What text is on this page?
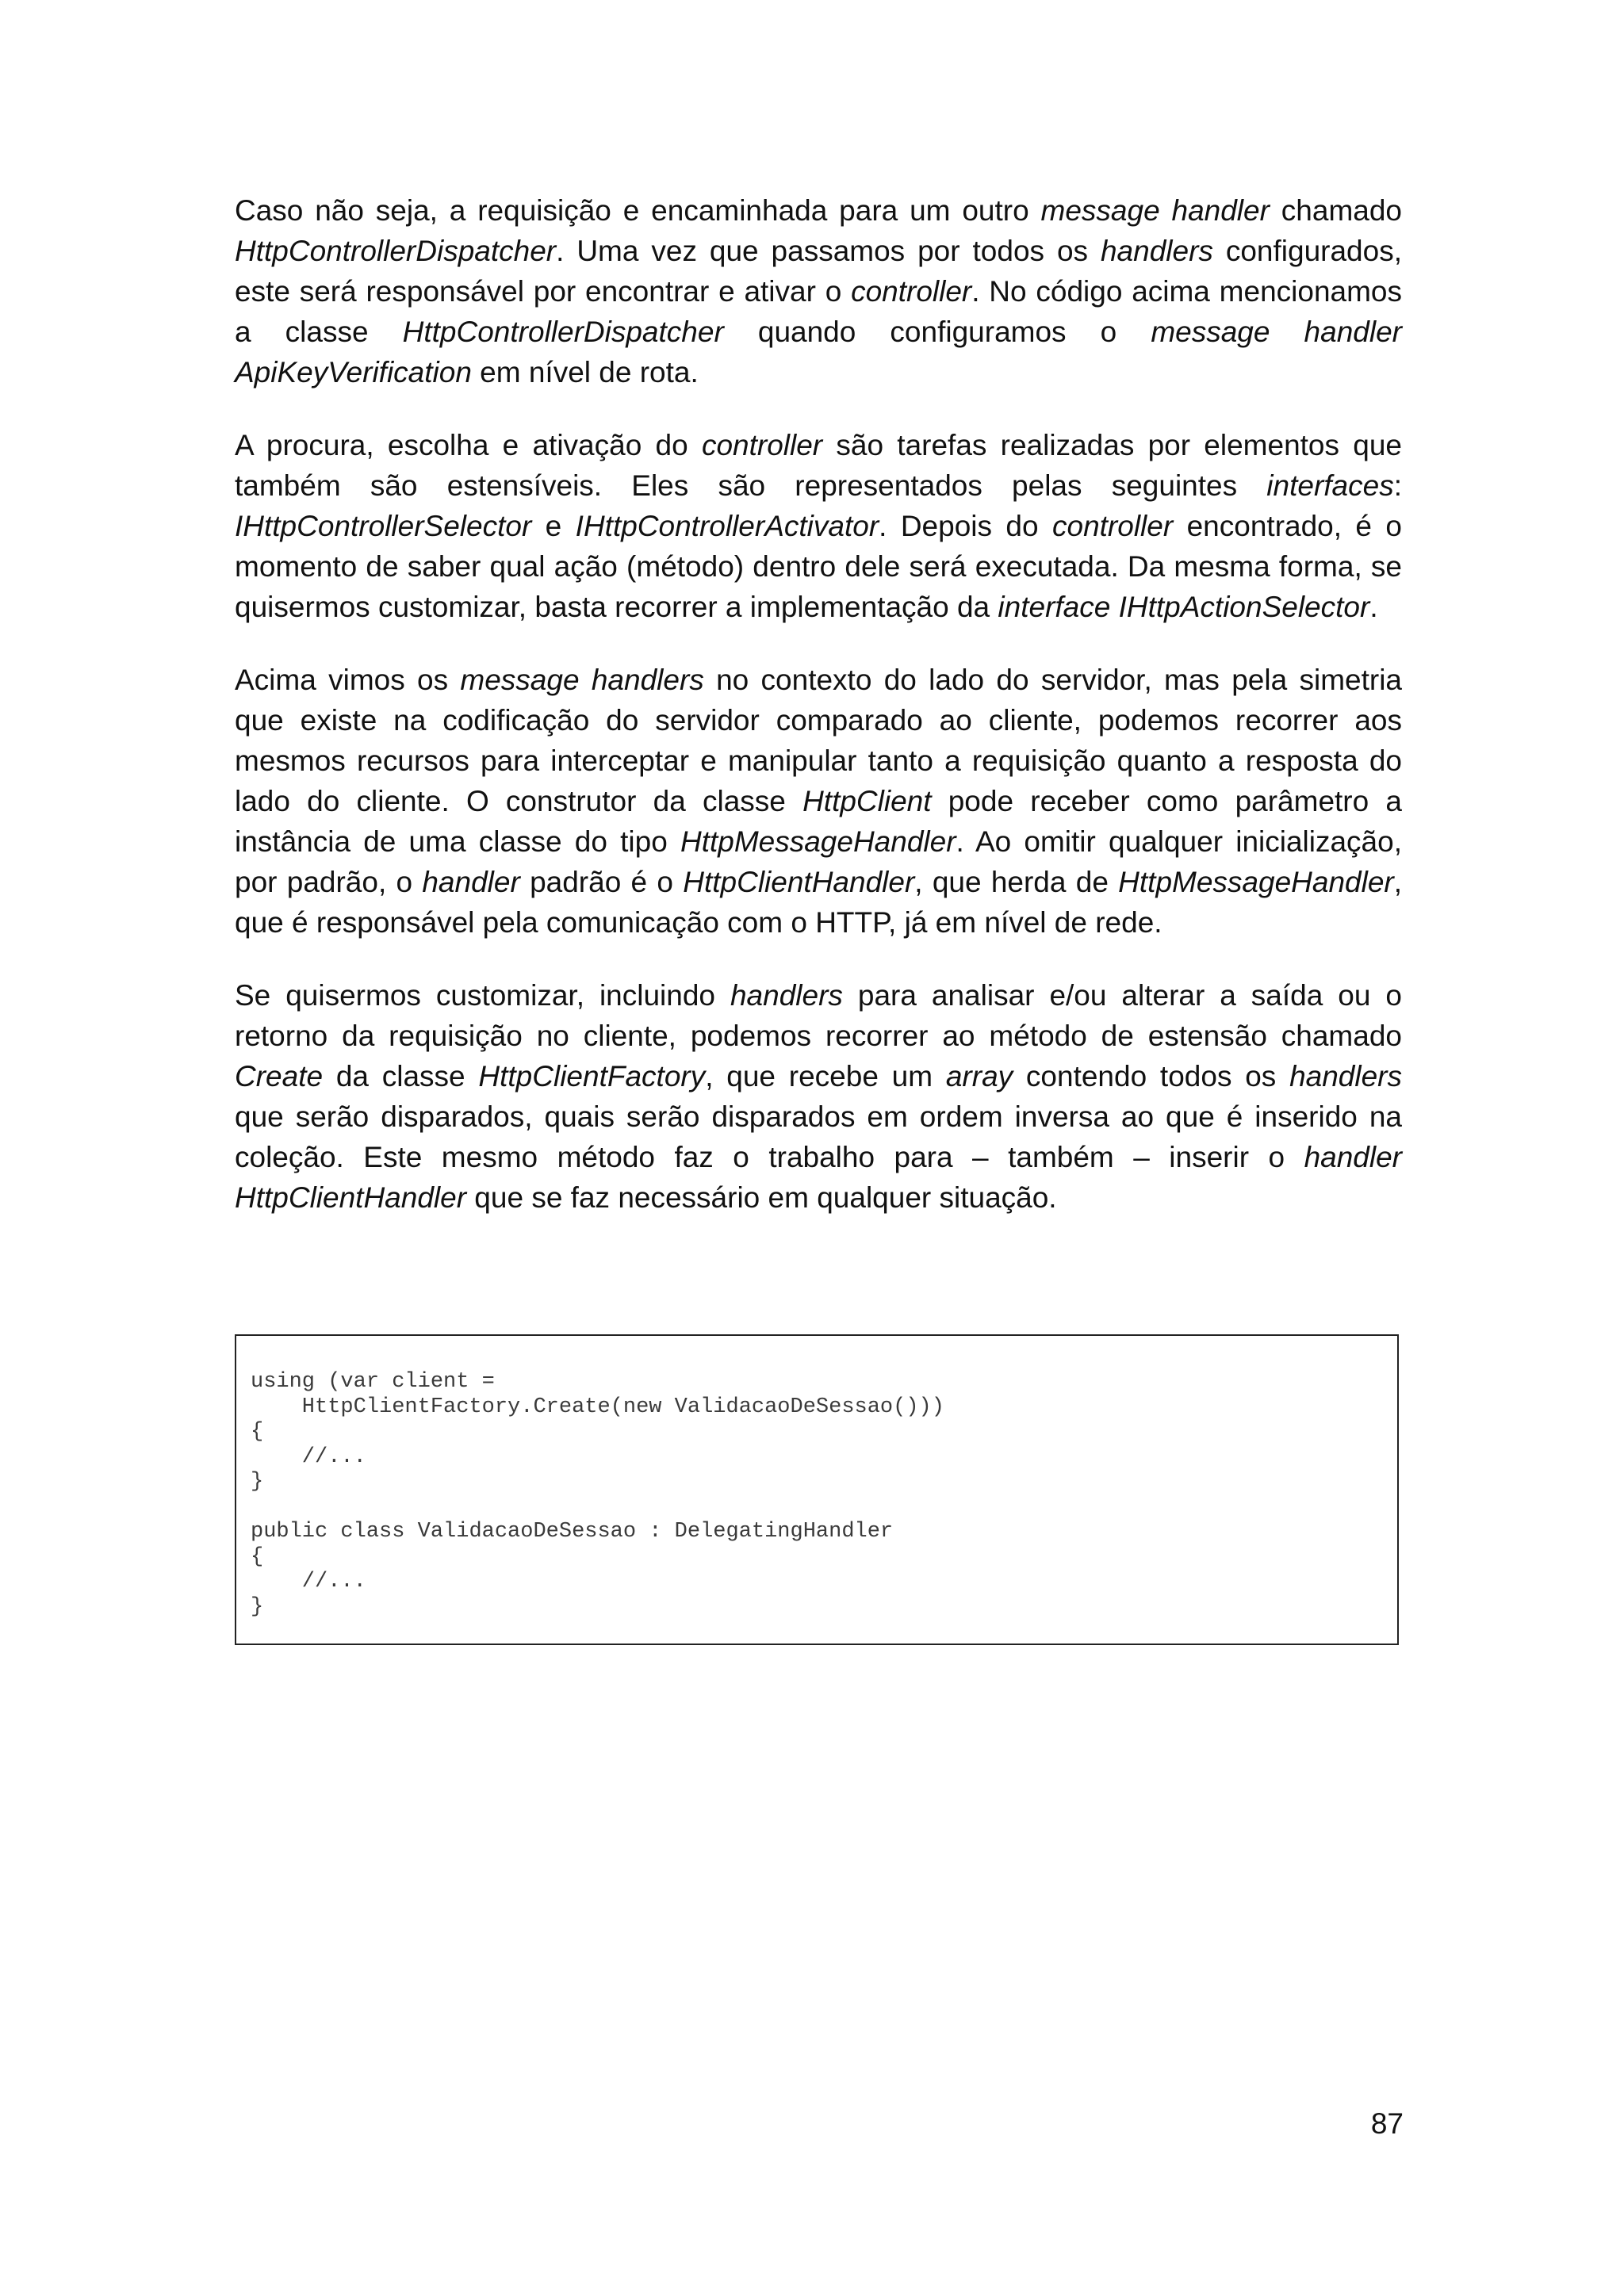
Caso não seja, a requisição e encaminhada para um outro message handler chamado HttpControllerDispatcher. Uma vez que passamos por todos os handlers configurados, este será responsável por encontrar e ativar o controller. No código acima mencionamos a classe HttpControllerDispatcher quando configuramos o message handler ApiKeyVerification em nível de rota.

A procura, escolha e ativação do controller são tarefas realizadas por elementos que também são estensíveis. Eles são representados pelas seguintes interfaces: IHttpControllerSelector e IHttpControllerActivator. Depois do controller encontrado, é o momento de saber qual ação (método) dentro dele será executada. Da mesma forma, se quisermos customizar, basta recorrer a implementação da interface IHttpActionSelector.

Acima vimos os message handlers no contexto do lado do servidor, mas pela simetria que existe na codificação do servidor comparado ao cliente, podemos recorrer aos mesmos recursos para interceptar e manipular tanto a requisição quanto a resposta do lado do cliente. O construtor da classe HttpClient pode receber como parâmetro a instância de uma classe do tipo HttpMessageHandler. Ao omitir qualquer inicialização, por padrão, o handler padrão é o HttpClientHandler, que herda de HttpMessageHandler, que é responsável pela comunicação com o HTTP, já em nível de rede.

Se quisermos customizar, incluindo handlers para analisar e/ou alterar a saída ou o retorno da requisição no cliente, podemos recorrer ao método de estensão chamado Create da classe HttpClientFactory, que recebe um array contendo todos os handlers que serão disparados, quais serão disparados em ordem inversa ao que é inserido na coleção. Este mesmo método faz o trabalho para – também – inserir o handler HttpClientHandler que se faz necessário em qualquer situação.

using (var client =
HttpClientFactory.Create(new ValidacaoDeSessao()))
{
//...
}

public class ValidacaoDeSessao : DelegatingHandler
{
//...
}
87
